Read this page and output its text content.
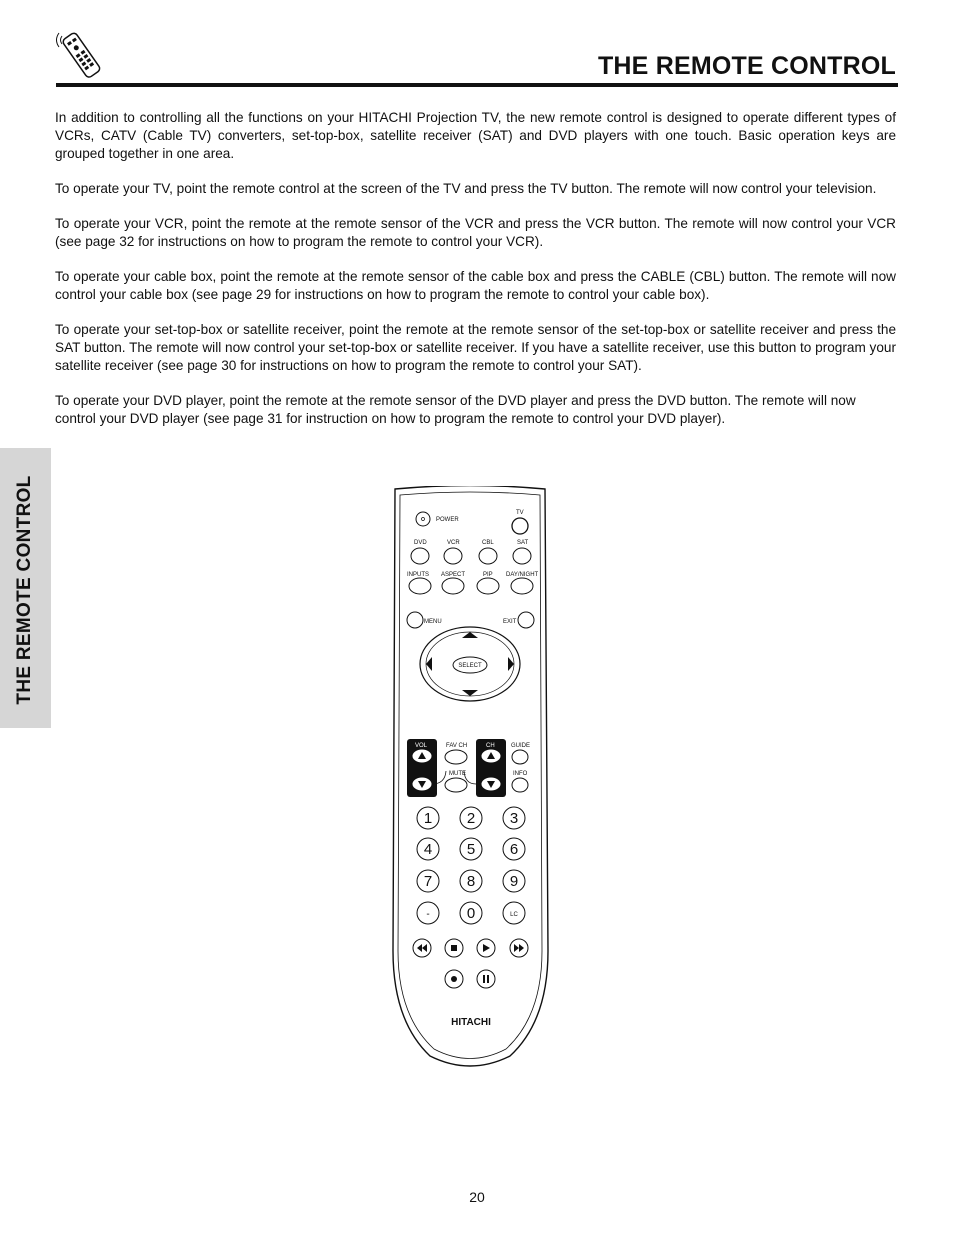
THE REMOTE CONTROL
THE REMOTE CONTROL

In addition to controlling all the functions on your HITACHI Projection TV, the new remote control is designed to operate different types of VCRs, CATV (Cable TV) converters, set-top-box, satellite receiver (SAT) and DVD players with one touch. Basic operation keys are grouped together in one area.

To operate your TV, point the remote control at the screen of the TV and press the TV button. The remote will now control your television.

To operate your VCR, point the remote at the remote sensor of the VCR and press the VCR button. The remote will now control your VCR (see page 32 for instructions on how to program the remote to control your VCR).

To operate your cable box, point the remote at the remote sensor of the cable box and press the CABLE (CBL) button. The remote will now control your cable box (see page 29 for instructions on how to program the remote to control your cable box).

To operate your set-top-box or satellite receiver, point the remote at the remote sensor of the set-top-box or satellite receiver and press the SAT button. The remote will now control your set-top-box or satellite receiver. If you have a satellite receiver, use this button to program your satellite receiver (see page 30 for instructions on how to program the remote to control your SAT).

To operate your DVD player, point the remote at the remote sensor of the DVD player and press the DVD button. The remote will now control your DVD player (see page 31 for instruction on how to program the remote to control your DVD player).

POWER
TV
DVD	VCR	CBL	SAT
INPUTS ASPECT	PIP DAY/NIGHT
MENU	EXIT
SELECT
VOL	CH
FAV CH
MUTE
GUIDE
INFO
1 2 3
4 5 6
7 8 9
- 0	LC
HITACHI
20
